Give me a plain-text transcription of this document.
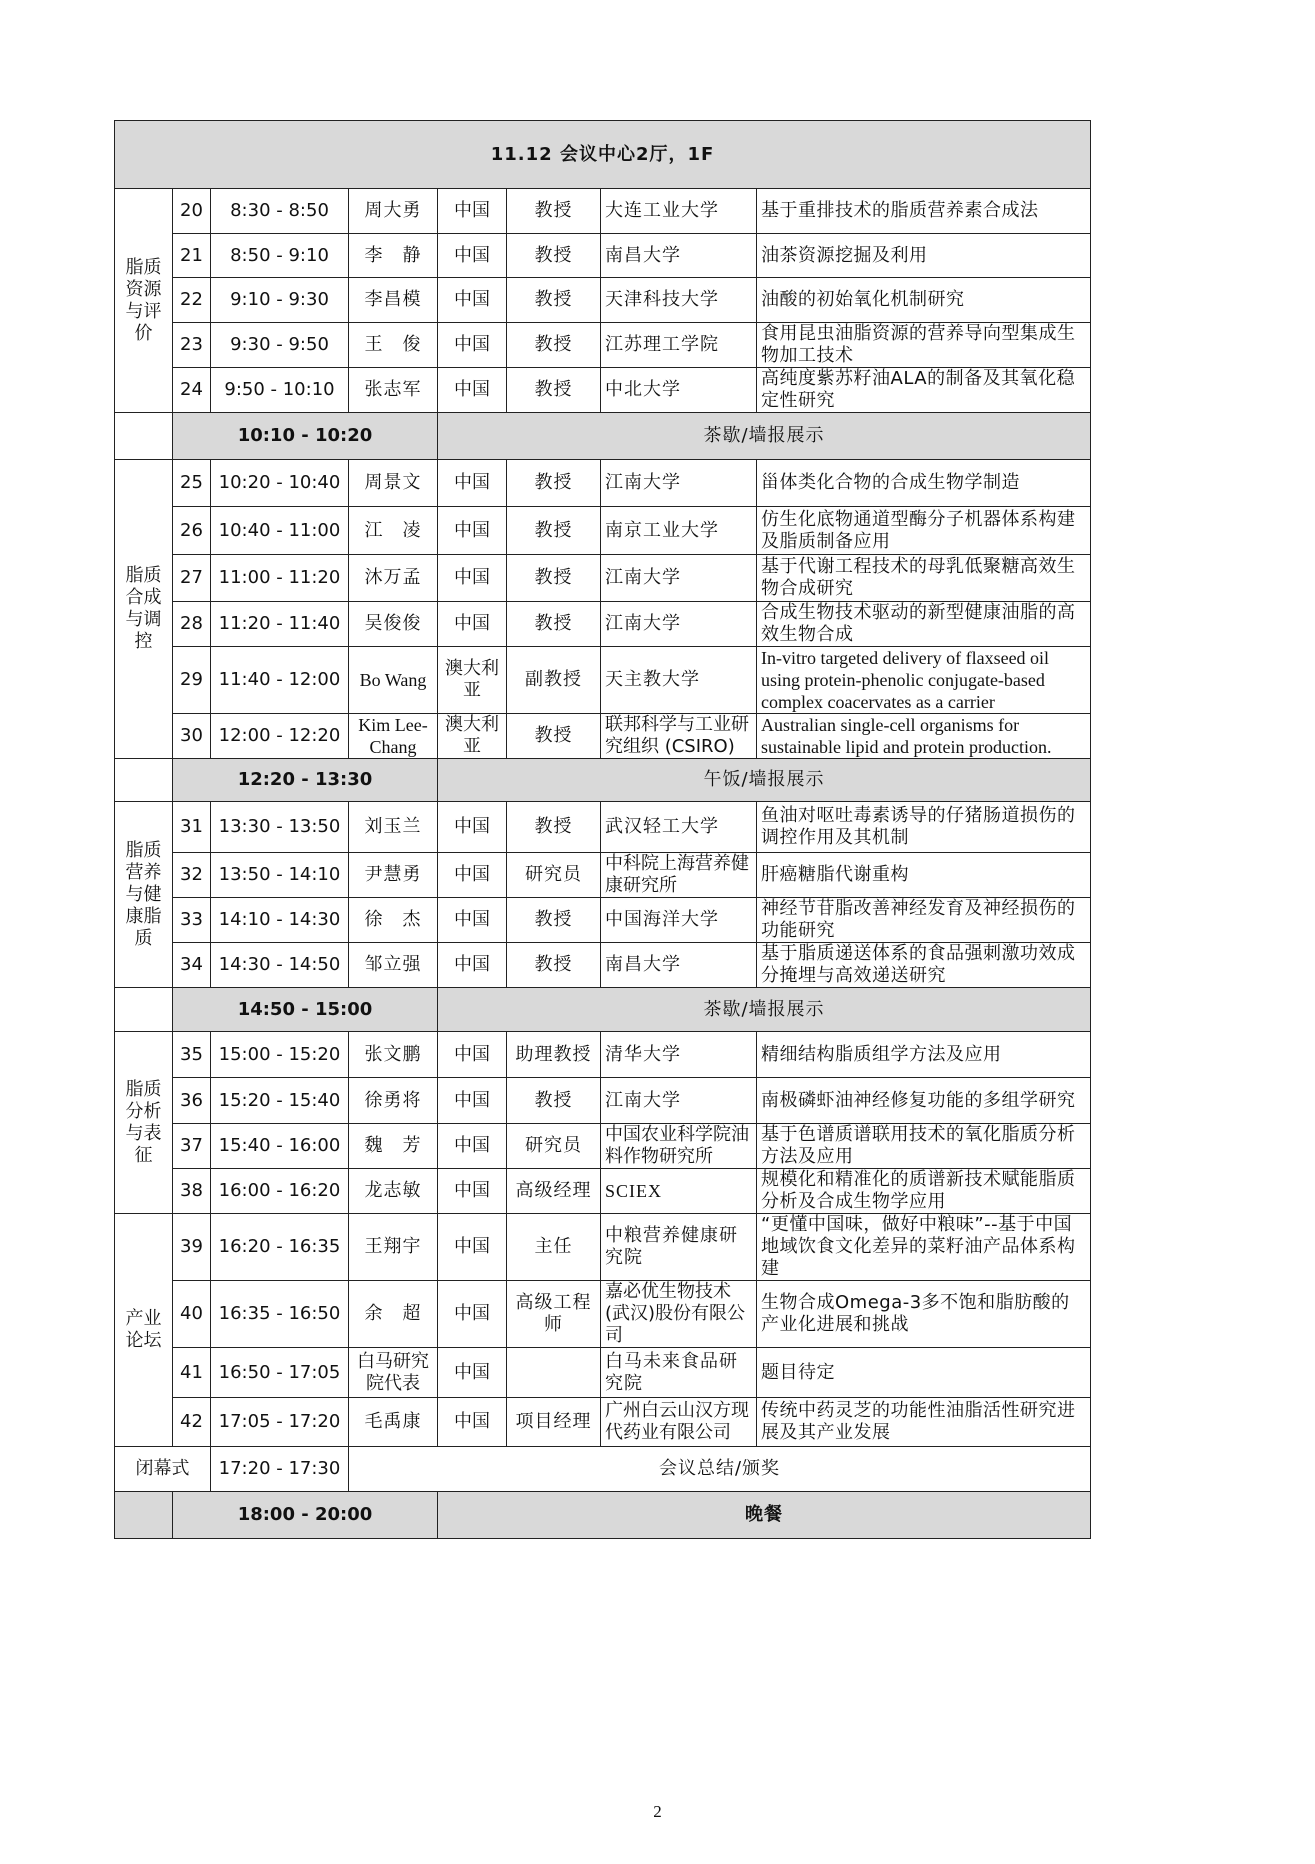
11.12 会议中心2厅，1F							
脂质资源与评价	20	8:30 - 8:50	周大勇	中国	教授	大连工业大学	基于重排技术的脂质营养素合成法
	21	8:50 - 9:10	李　静	中国	教授	南昌大学	油茶资源挖掘及利用
	22	9:10 - 9:30	李昌模	中国	教授	天津科技大学	油酸的初始氧化机制研究
	23	9:30 - 9:50	王　俊	中国	教授	江苏理工学院	食用昆虫油脂资源的营养导向型集成生物加工技术
	24	9:50 - 10:10	张志军	中国	教授	中北大学	高纯度紫苏籽油ALA的制备及其氧化稳定性研究
	10:10 - 10:20			茶歇/墙报展示			
脂质合成与调控	25	10:20 - 10:40	周景文	中国	教授	江南大学	甾体类化合物的合成生物学制造
	26	10:40 - 11:00	江　凌	中国	教授	南京工业大学	仿生化底物通道型酶分子机器体系构建及脂质制备应用
	27	11:00 - 11:20	沐万孟	中国	教授	江南大学	基于代谢工程技术的母乳低聚糖高效生物合成研究
	28	11:20 - 11:40	吴俊俊	中国	教授	江南大学	合成生物技术驱动的新型健康油脂的高效生物合成
	29	11:40 - 12:00	Bo Wang	澳大利亚	副教授	天主教大学	In-vitro targeted delivery of flaxseed oil using protein-phenolic conjugate-based complex coacervates as a carrier
	30	12:00 - 12:20	Kim Lee-Chang	澳大利亚	教授	联邦科学与工业研究组织 (CSIRO)	Australian single-cell organisms for sustainable lipid and protein production.
	12:20 - 13:30			午饭/墙报展示			
脂质营养与健康脂质	31	13:30 - 13:50	刘玉兰	中国	教授	武汉轻工大学	鱼油对呕吐毒素诱导的仔猪肠道损伤的调控作用及其机制
	32	13:50 - 14:10	尹慧勇	中国	研究员	中科院上海营养健康研究所	肝癌糖脂代谢重构
	33	14:10 - 14:30	徐　杰	中国	教授	中国海洋大学	神经节苷脂改善神经发育及神经损伤的功能研究
	34	14:30 - 14:50	邹立强	中国	教授	南昌大学	基于脂质递送体系的食品强刺激功效成分掩埋与高效递送研究
	14:50 - 15:00			茶歇/墙报展示			
脂质分析与表征	35	15:00 - 15:20	张文鹏	中国	助理教授	清华大学	精细结构脂质组学方法及应用
	36	15:20 - 15:40	徐勇将	中国	教授	江南大学	南极磷虾油神经修复功能的多组学研究
	37	15:40 - 16:00	魏　芳	中国	研究员	中国农业科学院油料作物研究所	基于色谱质谱联用技术的氧化脂质分析方法及应用
	38	16:00 - 16:20	龙志敏	中国	高级经理	SCIEX	规模化和精准化的质谱新技术赋能脂质分析及合成生物学应用
产业论坛	39	16:20 - 16:35	王翔宇	中国	主任	中粮营养健康研究院	“更懂中国味，做好中粮味”--基于中国地域饮食文化差异的菜籽油产品体系构建
	40	16:35 - 16:50	余　超	中国	高级工程师	嘉必优生物技术(武汉)股份有限公司	生物合成Omega-3多不饱和脂肪酸的产业化进展和挑战
	41	16:50 - 17:05	白马研究院代表	中国		白马未来食品研究院	题目待定
	42	17:05 - 17:20	毛禹康	中国	项目经理	广州白云山汉方现代药业有限公司	传统中药灵芝的功能性油脂活性研究进展及其产业发展
闭幕式		17:20 - 17:30	会议总结/颁奖				
	18:00 - 20:00			晚餐			
2
